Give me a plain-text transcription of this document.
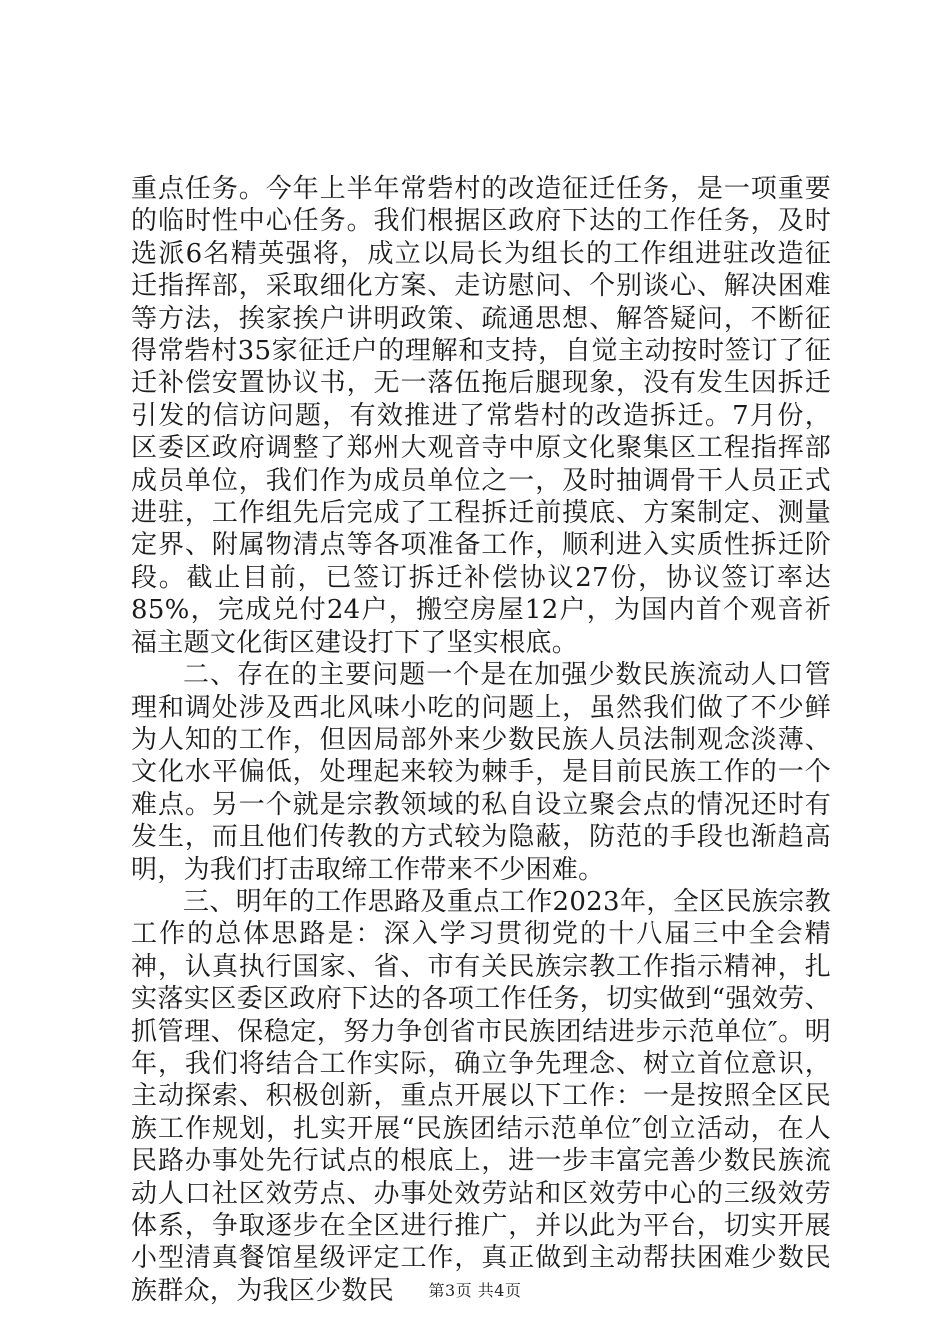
重点任务。今年上半年常砦村的改造征迁任务，是一项重要的临时性中心任务。我们根据区政府下达的工作任务，及时选派6名精英强将，成立以局长为组长的工作组进驻改造征迁指挥部，采取细化方案、走访慰问、个别谈心、解决困难等方法，挨家挨户讲明政策、疏通思想、解答疑问，不断征得常砦村35家征迁户的理解和支持，自觉主动按时签订了征迁补偿安置协议书，无一落伍拖后腿现象，没有发生因拆迁引发的信访问题，有效推进了常砦村的改造拆迁。7月份，区委区政府调整了郑州大观音寺中原文化聚集区工程指挥部成员单位，我们作为成员单位之一，及时抽调骨干人员正式进驻，工作组先后完成了工程拆迁前摸底、方案制定、测量定界、附属物清点等各项准备工作，顺利进入实质性拆迁阶段。截止目前，已签订拆迁补偿协议27份，协议签订率达85%，完成兑付24户，搬空房屋12户，为国内首个观音祈福主题文化街区建设打下了坚实根底。

二、存在的主要问题一个是在加强少数民族流动人口管理和调处涉及西北风味小吃的问题上，虽然我们做了不少鲜为人知的工作，但因局部外来少数民族人员法制观念淡薄、文化水平偏低，处理起来较为棘手，是目前民族工作的一个难点。另一个就是宗教领域的私自设立聚会点的情况还时有发生，而且他们传教的方式较为隐蔽，防范的手段也渐趋高明，为我们打击取缔工作带来不少困难。

三、明年的工作思路及重点工作2023年，全区民族宗教工作的总体思路是：深入学习贯彻党的十八届三中全会精神，认真执行国家、省、市有关民族宗教工作指示精神，扎实落实区委区政府下达的各项工作任务，切实做到“强效劳、抓管理、保稳定，努力争创省市民族团结进步示范单位″。明年，我们将结合工作实际，确立争先理念、树立首位意识，主动探索、积极创新，重点开展以下工作：一是按照全区民族工作规划，扎实开展“民族团结示范单位″创立活动，在人民路办事处先行试点的根底上，进一步丰富完善少数民族流动人口社区效劳点、办事处效劳站和区效劳中心的三级效劳体系，争取逐步在全区进行推广，并以此为平台，切实开展小型清真餐馆星级评定工作，真正做到主动帮扶困难少数民族群众，为我区少数民	第3页 共4页
